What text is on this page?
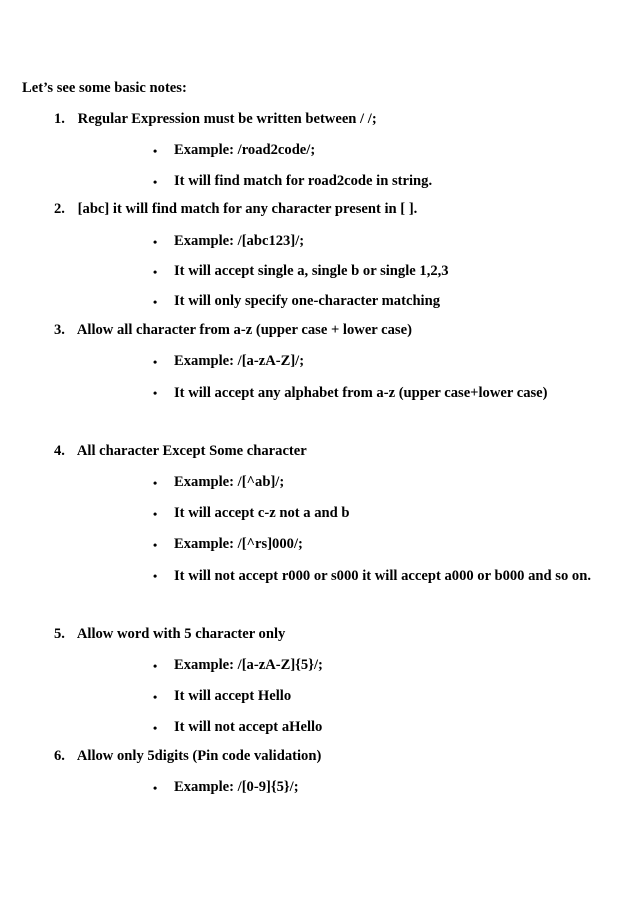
Let’s see some basic notes:
1. Regular Expression must be written between / /;
• Example: /road2code/;
• It will find match for road2code in string.
2. [abc] it will find match for any character present in [ ].
• Example: /[abc123]/;
• It will accept single a, single b or single 1,2,3
• It will only specify one-character matching
3. Allow all character from a-z (upper case + lower case)
• Example: /[a-zA-Z]/;
• It will accept any alphabet from a-z (upper case+lower case)
4. All character Except Some character
• Example: /[^ab]/;
• It will accept c-z not a and b
• Example: /[^rs]000/;
• It will not accept r000 or s000 it will accept a000 or b000 and so on.
5. Allow word with 5 character only
• Example: /[a-zA-Z]{5}/;
• It will accept Hello
• It will not accept aHello
6. Allow only 5digits (Pin code validation)
• Example: /[0-9]{5}/;
